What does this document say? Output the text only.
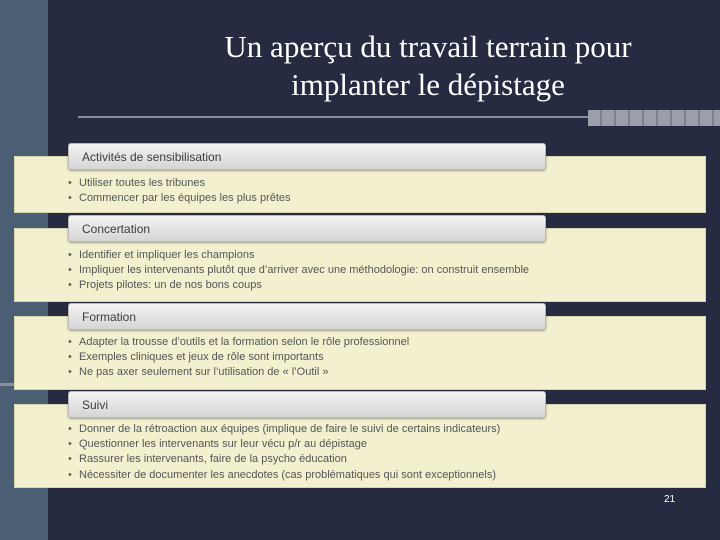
Un aperçu du travail terrain pour
implanter le dépistage
Activités de sensibilisation
• Utiliser toutes les tribunes
• Commencer par les équipes les plus prêtes
Concertation
• Identifier et impliquer les champions
• Impliquer les intervenants plutôt que d’arriver avec une méthodologie: on construit ensemble
• Projets pilotes: un de nos bons coups
Formation
• Adapter la trousse d’outils et la formation selon le rôle professionnel
• Exemples cliniques et jeux de rôle sont importants
• Ne pas axer seulement sur l’utilisation de « l’Outil »
Suivi
• Donner de la rétroaction aux équipes (implique de faire le suivi de certains indicateurs)
• Questionner les intervenants sur leur vécu p/r au dépistage
• Rassurer les intervenants, faire de la psycho éducation
• Nécessiter de documenter les anecdotes (cas problématiques qui sont exceptionnels)
21
